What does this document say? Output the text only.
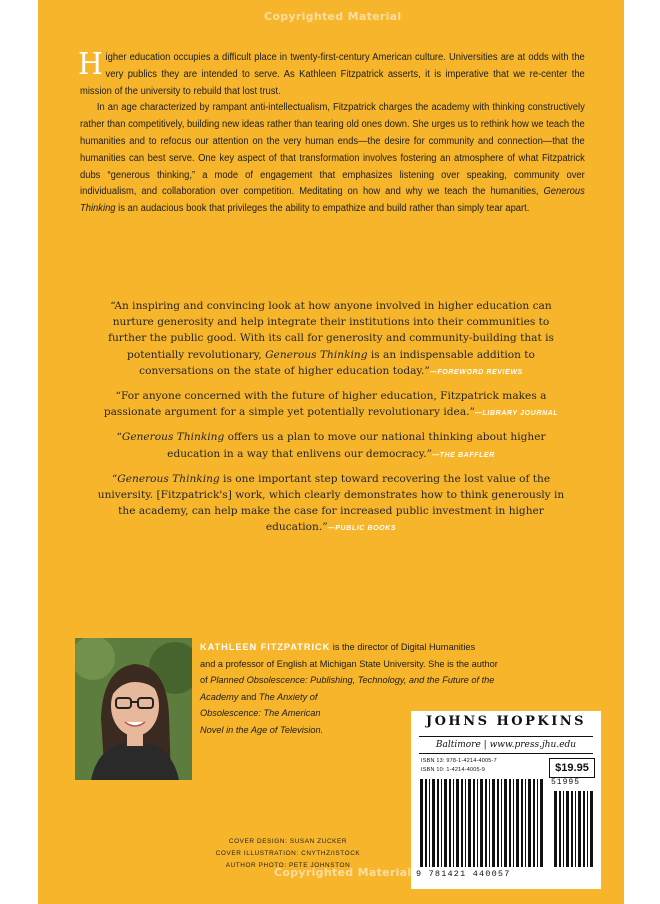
Copyrighted Material

Higher education occupies a difficult place in twenty-first-century American culture. Universities are at odds with the very publics they are intended to serve. As Kathleen Fitzpatrick asserts, it is imperative that we re-center the mission of the university to rebuild that lost trust.

In an age characterized by rampant anti-intellectualism, Fitzpatrick charges the academy with thinking constructively rather than competitively, building new ideas rather than tearing old ones down. She urges us to rethink how we teach the humanities and to refocus our attention on the very human ends—the desire for community and connection—that the humanities can best serve. One key aspect of that transformation involves fostering an atmosphere of what Fitzpatrick dubs “generous thinking,” a mode of engagement that emphasizes listening over speaking, community over individualism, and collaboration over competition. Meditating on how and why we teach the humanities, Generous Thinking is an audacious book that privileges the ability to empathize and build rather than simply tear apart.

“An inspiring and convincing look at how anyone involved in higher education can nurture generosity and help integrate their institutions into their communities to further the public good. With its call for generosity and community-building that is potentially revolutionary, Generous Thinking is an indispensable addition to conversations on the state of higher education today.”—FOREWORD REVIEWS

“For anyone concerned with the future of higher education, Fitzpatrick makes a passionate argument for a simple yet potentially revolutionary idea.”—LIBRARY JOURNAL

“Generous Thinking offers us a plan to move our national thinking about higher education in a way that enlivens our democracy.”—THE BAFFLER

“Generous Thinking is one important step toward recovering the lost value of the university. [Fitzpatrick's] work, which clearly demonstrates how to think generously in the academy, can help make the case for increased public investment in higher education.”—PUBLIC BOOKS

KATHLEEN FITZPATRICK is the director of Digital Humanities
and a professor of English at Michigan State University. She is the author
of Planned Obsolescence: Publishing, Technology, and the Future of the
Academy and The Anxiety of
Obsolescence: The American
Novel in the Age of Television.
COVER DESIGN: SUSAN ZUCKER
COVER ILLUSTRATION: CNYTHZ/ISTOCK
AUTHOR PHOTO: PETE JOHNSTON
JOHNS HOPKINS
Baltimore | www.press.jhu.edu
ISBN 13: 978-1-4214-4005-7
ISBN 10: 1-4214-4005-9	$19.95
51995
9 781421 440057
Copyrighted Material
